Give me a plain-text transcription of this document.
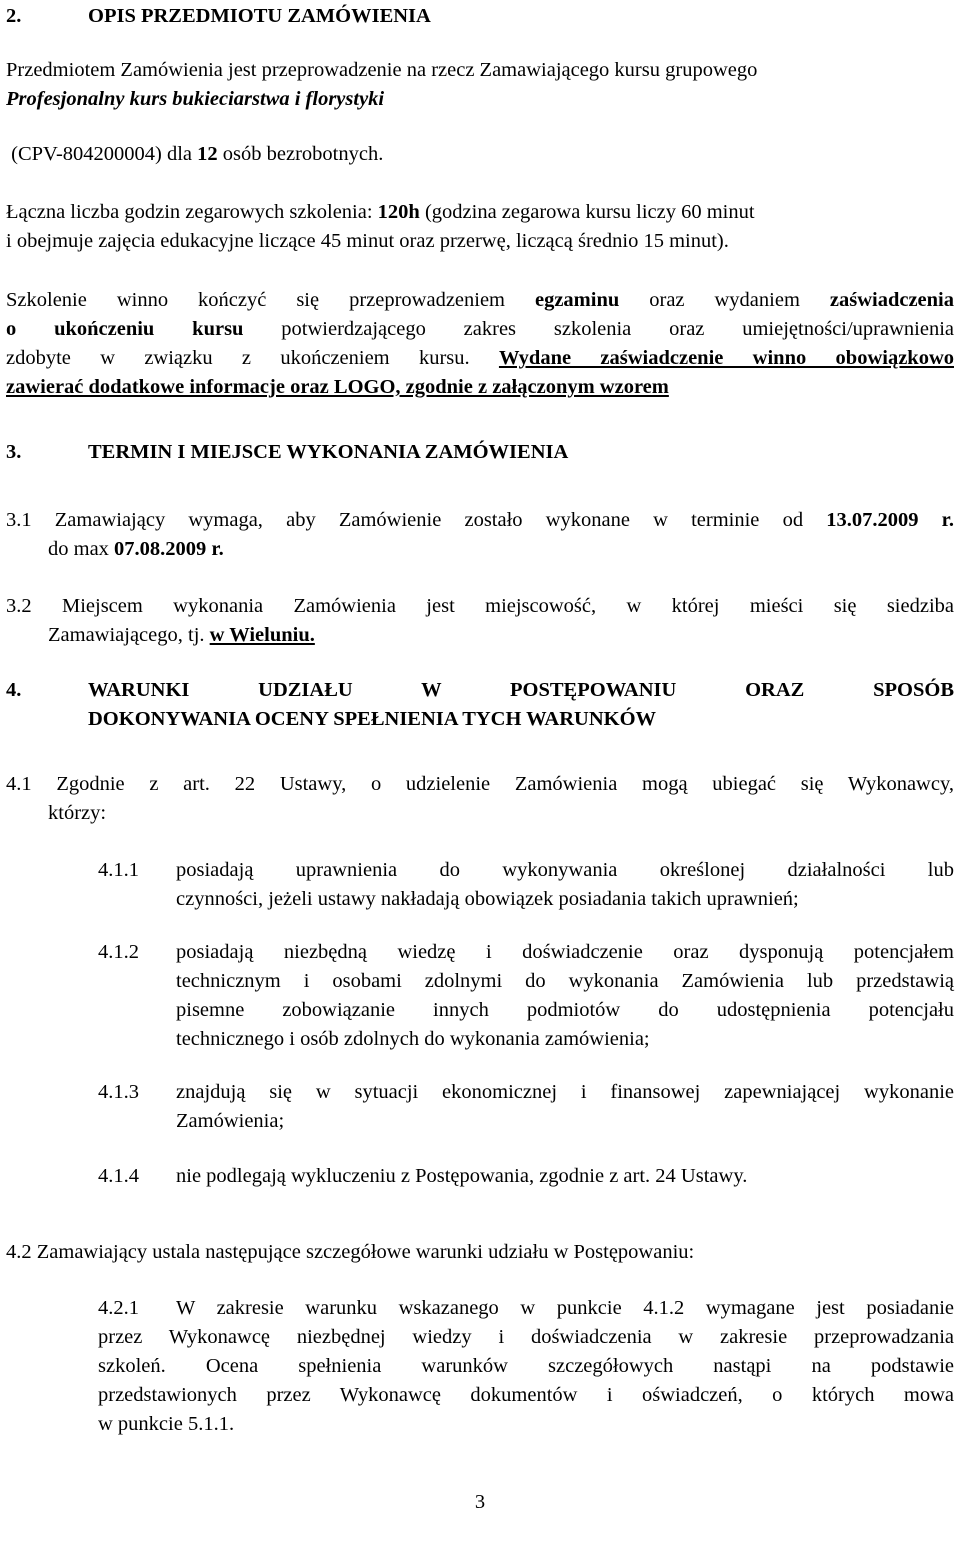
2.	OPIS PRZEDMIOTU ZAMÓWIENIA
Przedmiotem Zamówienia jest przeprowadzenie na rzecz Zamawiającego kursu grupowego
Profesjonalny kurs bukieciarstwa i florystyki
(CPV-804200004) dla 12 osób bezrobotnych.
Łączna liczba godzin zegarowych szkolenia: 120h (godzina zegarowa kursu liczy 60 minut
i obejmuje zajęcia edukacyjne liczące 45 minut oraz przerwę, liczącą średnio 15 minut).
Szkolenie winno kończyć się przeprowadzeniem egzaminu oraz wydaniem zaświadczenia
o ukończeniu kursu potwierdzającego zakres szkolenia oraz umiejętności/uprawnienia
zdobyte w związku z ukończeniem kursu. Wydane zaświadczenie winno obowiązkowo
zawierać dodatkowe informacje oraz LOGO, zgodnie z załączonym wzorem
3.	TERMIN I MIEJSCE WYKONANIA ZAMÓWIENIA
3.1 Zamawiający wymaga, aby Zamówienie zostało wykonane w terminie od 13.07.2009 r.
do max 07.08.2009 r.
3.2 Miejscem wykonania Zamówienia jest miejscowość, w której mieści się siedziba
Zamawiającego, tj. w Wieluniu.
4.	WARUNKI UDZIAŁU W POSTĘPOWANIU ORAZ SPOSÓB
DOKONYWANIA OCENY SPEŁNIENIA TYCH WARUNKÓW
4.1 Zgodnie z art. 22 Ustawy, o udzielenie Zamówienia mogą ubiegać się Wykonawcy,
którzy:
4.1.1 posiadają uprawnienia do wykonywania określonej działalności lub
czynności, jeżeli ustawy nakładają obowiązek posiadania takich uprawnień;
4.1.2 posiadają niezbędną wiedzę i doświadczenie oraz dysponują potencjałem
technicznym i osobami zdolnymi do wykonania Zamówienia lub przedstawią
pisemne zobowiązanie innych podmiotów do udostępnienia potencjału
technicznego i osób zdolnych do wykonania zamówienia;
4.1.3 znajdują się w sytuacji ekonomicznej i finansowej zapewniającej wykonanie
Zamówienia;
4.1.4 nie podlegają wykluczeniu z Postępowania, zgodnie z art. 24 Ustawy.
4.2 Zamawiający ustala następujące szczegółowe warunki udziału w Postępowaniu:
4.2.1 W zakresie warunku wskazanego w punkcie 4.1.2 wymagane jest posiadanie
przez Wykonawcę niezbędnej wiedzy i doświadczenia w zakresie przeprowadzania
szkoleń. Ocena spełnienia warunków szczegółowych nastąpi na podstawie
przedstawionych przez Wykonawcę dokumentów i oświadczeń, o których mowa
w punkcie 5.1.1.
3
